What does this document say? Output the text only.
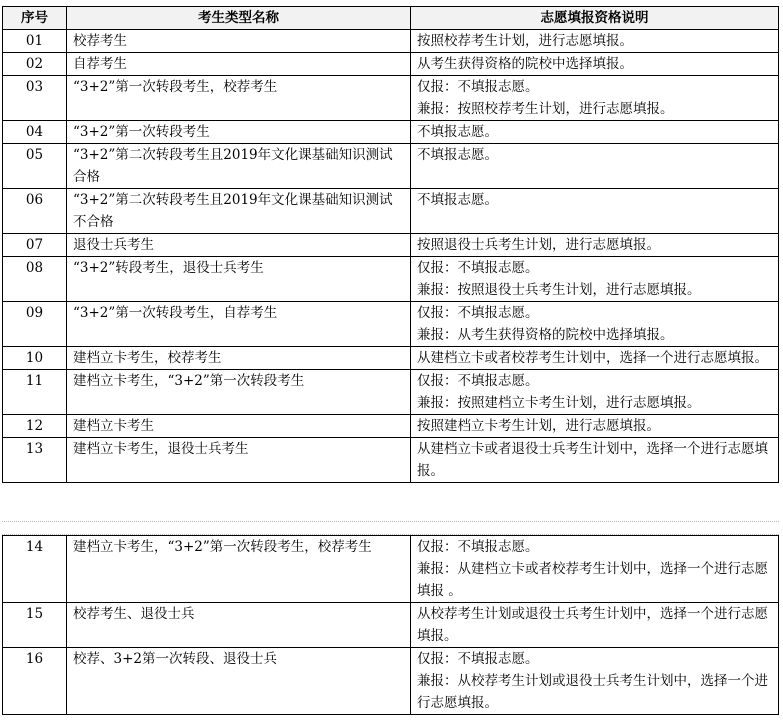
序号	考生类型名称	志愿填报资格说明
01	校荐考生	按照校荐考生计划，进行志愿填报。
02	自荐考生	从考生获得资格的院校中选择填报。
03	“3+2”第一次转段考生，校荐考生	仅报：不填报志愿。
兼报：按照校荐考生计划，进行志愿填报。
04	“3+2”第一次转段考生	不填报志愿。
05	“3+2”第二次转段考生且2019年文化课基础知识测试合格	不填报志愿。
06	“3+2”第二次转段考生且2019年文化课基础知识测试不合格	不填报志愿。
07	退役士兵考生	按照退役士兵考生计划，进行志愿填报。
08	“3+2”转段考生，退役士兵考生	仅报：不填报志愿。
兼报：按照退役士兵考生计划，进行志愿填报。
09	“3+2”第一次转段考生，自荐考生	仅报：不填报志愿。
兼报：从考生获得资格的院校中选择填报。
10	建档立卡考生，校荐考生	从建档立卡或者校荐考生计划中，选择一个进行志愿填报。
11	建档立卡考生，“3+2”第一次转段考生	仅报：不填报志愿。
兼报：按照建档立卡考生计划，进行志愿填报。
12	建档立卡考生	按照建档立卡考生计划，进行志愿填报。
13	建档立卡考生，退役士兵考生	从建档立卡或者退役士兵考生计划中，选择一个进行志愿填报。
14	建档立卡考生，“3+2”第一次转段考生，校荐考生	仅报：不填报志愿。
兼报：从建档立卡或者校荐考生计划中，选择一个进行志愿填报 。
15	校荐考生、退役士兵	从校荐考生计划或退役士兵考生计划中，选择一个进行志愿填报。
16	校荐、3+2第一次转段、退役士兵	仅报：不填报志愿。
兼报：从校荐考生计划或退役士兵考生计划中，选择一个进行志愿填报。
